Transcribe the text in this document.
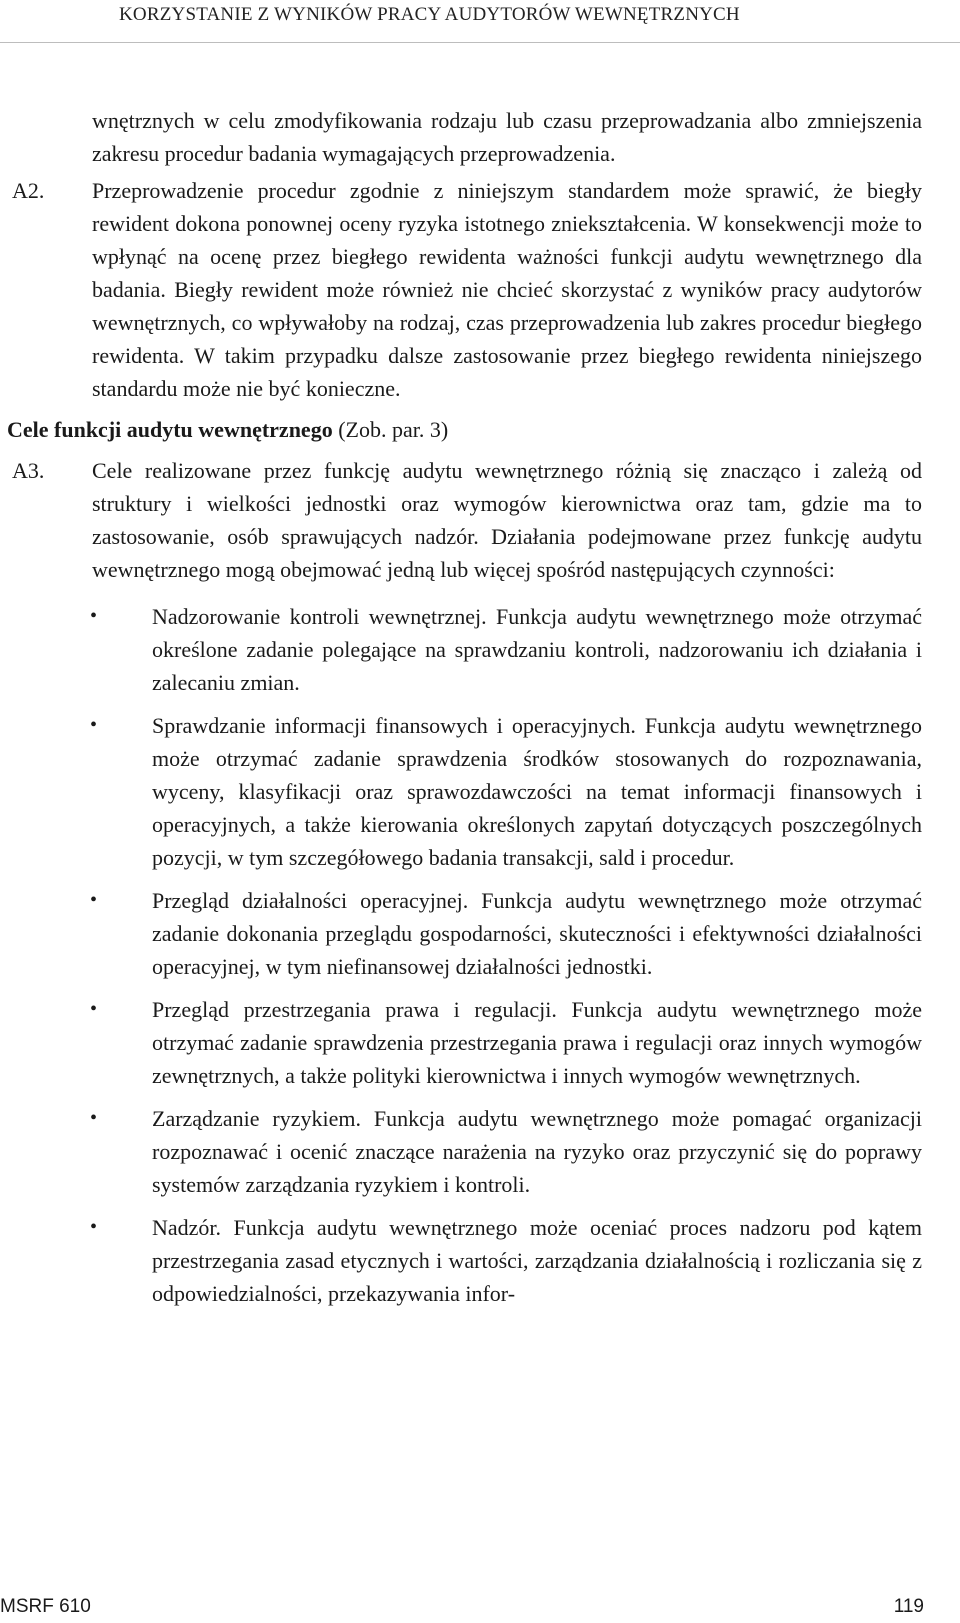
KORZYSTANIE Z WYNIKÓW PRACY AUDYTORÓW WEWNĘTRZNYCH

wnętrznych w celu zmodyfikowania rodzaju lub czasu przeprowadzania albo zmniejszenia zakresu procedur badania wymagających przeprowadzenia.

A2. Przeprowadzenie procedur zgodnie z niniejszym standardem może sprawić, że biegły rewident dokona ponownej oceny ryzyka istotnego zniekształcenia. W konsekwencji może to wpłynąć na ocenę przez biegłego rewidenta ważności funkcji audytu wewnętrznego dla badania. Biegły rewident może również nie chcieć skorzystać z wyników pracy audytorów wewnętrznych, co wpływałoby na rodzaj, czas przeprowadzenia lub zakres procedur biegłego rewidenta. W takim przypadku dalsze zastosowanie przez biegłego rewidenta niniejszego standardu może nie być konieczne.
Cele funkcji audytu wewnętrznego (Zob. par. 3)
A3. Cele realizowane przez funkcję audytu wewnętrznego różnią się znacząco i zależą od struktury i wielkości jednostki oraz wymogów kierownictwa oraz tam, gdzie ma to zastosowanie, osób sprawujących nadzór. Działania podejmowane przez funkcję audytu wewnętrznego mogą obejmować jedną lub więcej spośród następujących czynności:
• Nadzorowanie kontroli wewnętrznej. Funkcja audytu wewnętrznego może otrzymać określone zadanie polegające na sprawdzaniu kontroli, nadzorowaniu ich działania i zalecaniu zmian.
• Sprawdzanie informacji finansowych i operacyjnych. Funkcja audytu wewnętrznego może otrzymać zadanie sprawdzenia środków stosowanych do rozpoznawania, wyceny, klasyfikacji oraz sprawozdawczości na temat informacji finansowych i operacyjnych, a także kierowania określonych zapytań dotyczących poszczególnych pozycji, w tym szczegółowego badania transakcji, sald i procedur.
• Przegląd działalności operacyjnej. Funkcja audytu wewnętrznego może otrzymać zadanie dokonania przeglądu gospodarności, skuteczności i efektywności działalności operacyjnej, w tym niefinansowej działalności jednostki.
• Przegląd przestrzegania prawa i regulacji. Funkcja audytu wewnętrznego może otrzymać zadanie sprawdzenia przestrzegania prawa i regulacji oraz innych wymogów zewnętrznych, a także polityki kierownictwa i innych wymogów wewnętrznych.
• Zarządzanie ryzykiem. Funkcja audytu wewnętrznego może pomagać organizacji rozpoznawać i ocenić znaczące narażenia na ryzyko oraz przyczynić się do poprawy systemów zarządzania ryzykiem i kontroli.
• Nadzór. Funkcja audytu wewnętrznego może oceniać proces nadzoru pod kątem przestrzegania zasad etycznych i wartości, zarządzania działalnością i rozliczania się z odpowiedzialności, przekazywania infor-
MSRF 610	119
